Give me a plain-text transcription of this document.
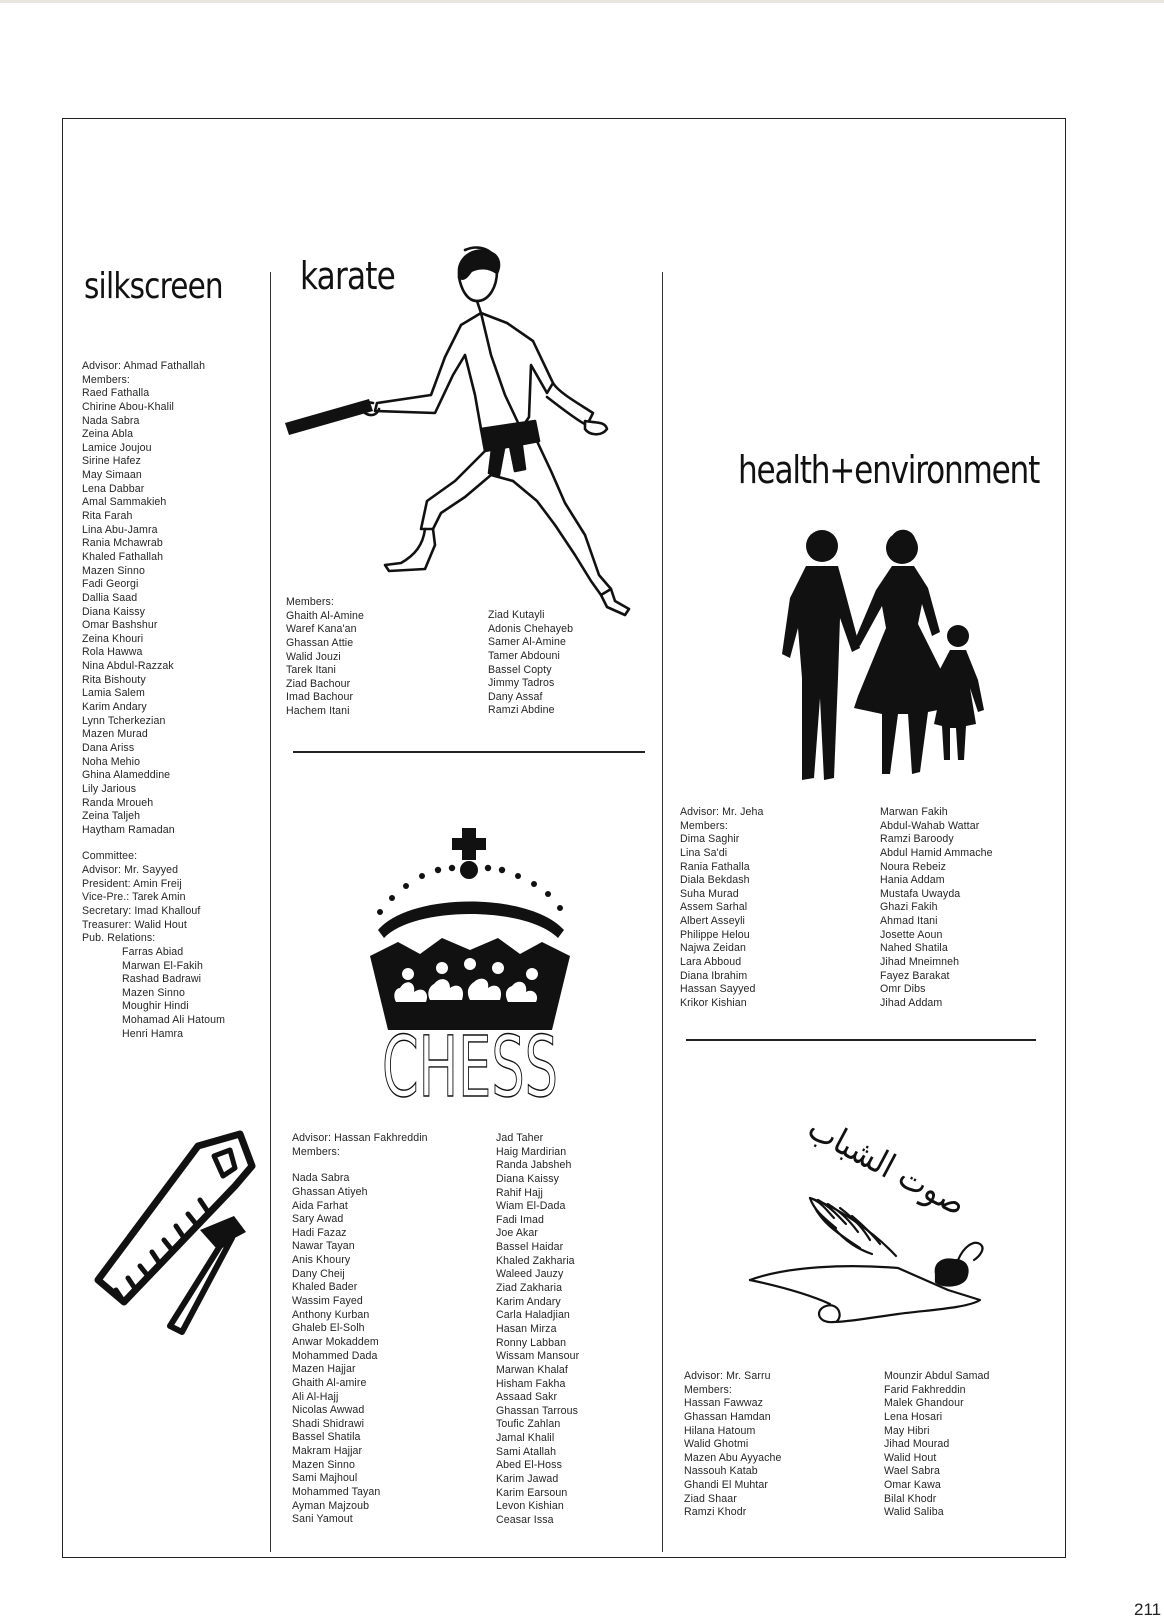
silkscreen
Advisor: Ahmad Fathallah
Members:
Raed Fathalla
Chirine Abou-Khalil
Nada Sabra
Zeina Abla
Lamice Joujou
Sirine Hafez
May Simaan
Lena Dabbar
Amal Sammakieh
Rita Farah
Lina Abu-Jamra
Rania Mchawrab
Khaled Fathallah
Mazen Sinno
Fadi Georgi
Dallia Saad
Diana Kaissy
Omar Bashshur
Zeina Khouri
Rola Hawwa
Nina Abdul-Razzak
Rita Bishouty
Lamia Salem
Karim Andary
Lynn Tcherkezian
Mazen Murad
Dana Ariss
Noha Mehio
Ghina Alameddine
Lily Jarious
Randa Mroueh
Zeina Taljeh
Haytham Ramadan
Committee:
Advisor: Mr. Sayyed
President: Amin Freij
Vice-Pre.: Tarek Amin
Secretary: Imad Khallouf
Treasurer: Walid Hout
Pub. Relations:
Farras Abiad
Marwan El-Fakih
Rashad Badrawi
Mazen Sinno
Moughir Hindi
Mohamad Ali Hatoum
Henri Hamra
karate
Members:
Ghaith Al-Amine
Waref Kana'an
Ghassan Attie
Walid Jouzi
Tarek Itani
Ziad Bachour
Imad Bachour
Hachem Itani
Ziad Kutayli
Adonis Chehayeb
Samer Al-Amine
Tamer Abdouni
Bassel Copty
Jimmy Tadros
Dany Assaf
Ramzi Abdine
CHESS
Advisor: Hassan Fakhreddin
Members:
Nada Sabra
Ghassan Atiyeh
Aida Farhat
Sary Awad
Hadi Fazaz
Nawar Tayan
Anis Khoury
Dany Cheij
Khaled Bader
Wassim Fayed
Anthony Kurban
Ghaleb El-Solh
Anwar Mokaddem
Mohammed Dada
Mazen Hajjar
Ghaith Al-amire
Ali Al-Hajj
Nicolas Awwad
Shadi Shidrawi
Bassel Shatila
Makram Hajjar
Mazen Sinno
Sami Majhoul
Mohammed Tayan
Ayman Majzoub
Sani Yamout
Jad Taher
Haig Mardirian
Randa Jabsheh
Diana Kaissy
Rahif Hajj
Wiam El-Dada
Fadi Imad
Joe Akar
Bassel Haidar
Khaled Zakharia
Waleed Jauzy
Ziad Zakharia
Karim Andary
Carla Haladjian
Hasan Mirza
Ronny Labban
Wissam Mansour
Marwan Khalaf
Hisham Fakha
Assaad Sakr
Ghassan Tarrous
Toufic Zahlan
Jamal Khalil
Sami Atallah
Abed El-Hoss
Karim Jawad
Karim Earsoun
Levon Kishian
Ceasar Issa
health+environment
Advisor: Mr. Jeha
Members:
Dima Saghir
Lina Sa'di
Rania Fathalla
Diala Bekdash
Suha Murad
Assem Sarhal
Albert Asseyli
Philippe Helou
Najwa Zeidan
Lara Abboud
Diana Ibrahim
Hassan Sayyed
Krikor Kishian
Marwan Fakih
Abdul-Wahab Wattar
Ramzi Baroody
Abdul Hamid Ammache
Noura Rebeiz
Hania Addam
Mustafa Uwayda
Ghazi Fakih
Ahmad Itani
Josette Aoun
Nahed Shatila
Jihad Mneimneh
Fayez Barakat
Omr Dibs
Jihad Addam
صوت الشباب
Advisor: Mr. Sarru
Members:
Hassan Fawwaz
Ghassan Hamdan
Hilana Hatoum
Walid Ghotmi
Mazen Abu Ayyache
Nassouh Katab
Ghandi El Muhtar
Ziad Shaar
Ramzi Khodr
Mounzir Abdul Samad
Farid Fakhreddin
Malek Ghandour
Lena Hosari
May Hibri
Jihad Mourad
Walid Hout
Wael Sabra
Omar Kawa
Bilal Khodr
Walid Saliba
211
